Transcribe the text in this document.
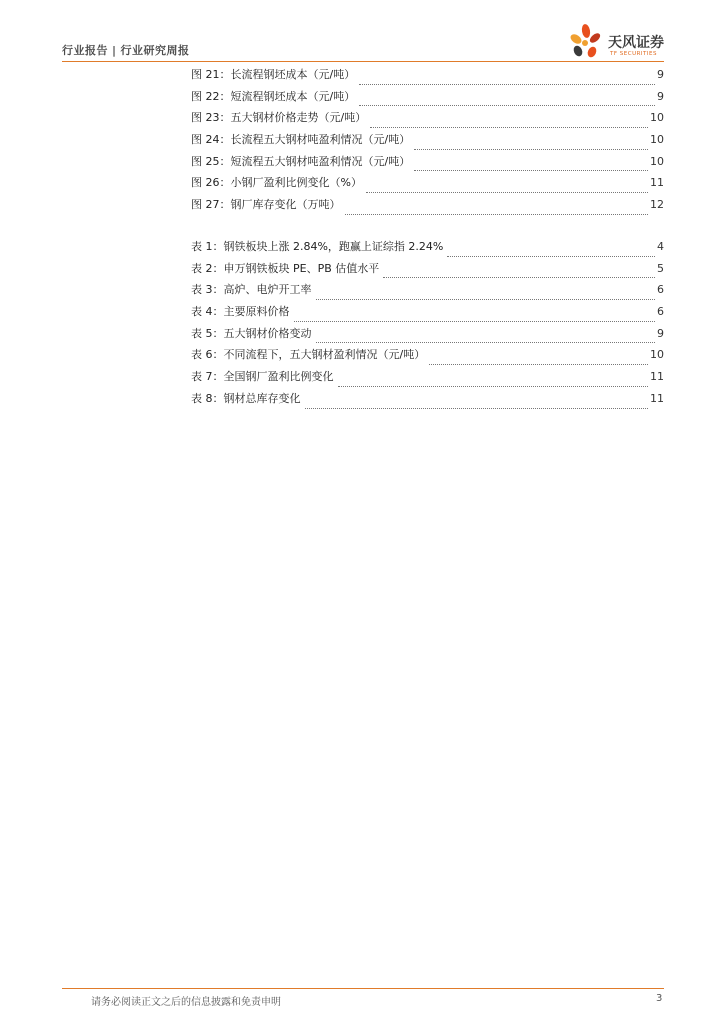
行业报告 | 行业研究周报	天风证券
TF SECURITIES
图 21：长流程钢坯成本（元/吨）	9
图 22：短流程钢坯成本（元/吨）	9
图 23：五大钢材价格走势（元/吨）	10
图 24：长流程五大钢材吨盈利情况（元/吨）	10
图 25：短流程五大钢材吨盈利情况（元/吨）	10
图 26：小钢厂盈利比例变化（%）	11
图 27：钢厂库存变化（万吨）	12
表 1：钢铁板块上涨 2.84%，跑赢上证综指 2.24%	4
表 2：申万钢铁板块 PE、PB 估值水平	5
表 3：高炉、电炉开工率	6
表 4：主要原料价格	6
表 5：五大钢材价格变动	9
表 6：不同流程下，五大钢材盈利情况（元/吨）	10
表 7：全国钢厂盈利比例变化	11
表 8：钢材总库存变化	11
请务必阅读正文之后的信息披露和免责申明	3
